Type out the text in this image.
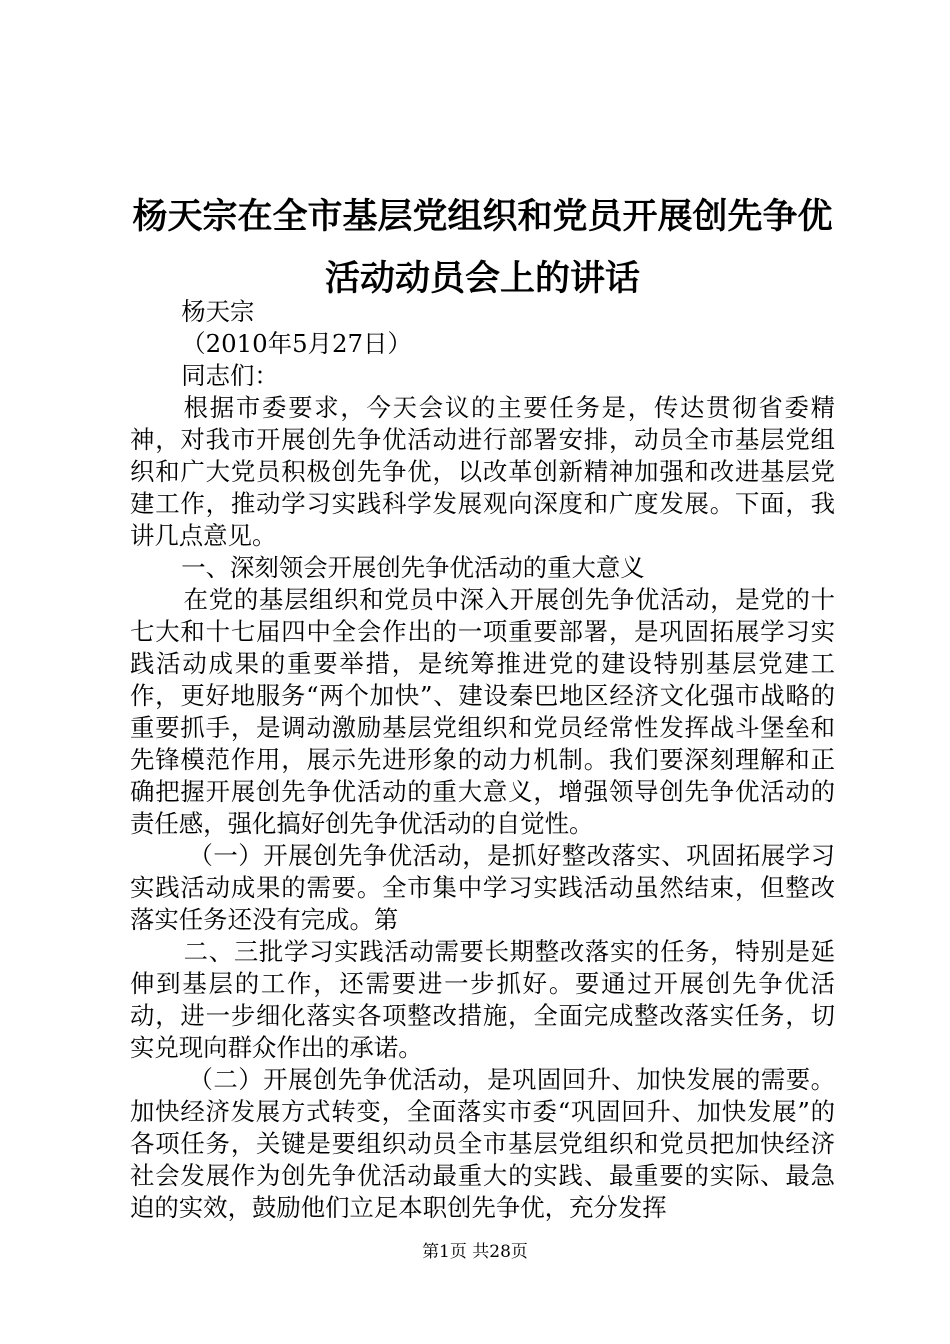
杨天宗在全市基层党组织和党员开展创先争优活动动员会上的讲话

杨天宗

（2010年5月27日）

同志们：

根据市委要求，今天会议的主要任务是，传达贯彻省委精神，对我市开展创先争优活动进行部署安排，动员全市基层党组织和广大党员积极创先争优，以改革创新精神加强和改进基层党建工作，推动学习实践科学发展观向深度和广度发展。下面，我讲几点意见。

一、深刻领会开展创先争优活动的重大意义

在党的基层组织和党员中深入开展创先争优活动，是党的十七大和十七届四中全会作出的一项重要部署，是巩固拓展学习实践活动成果的重要举措，是统筹推进党的建设特别基层党建工作，更好地服务“两个加快”、建设秦巴地区经济文化强市战略的重要抓手，是调动激励基层党组织和党员经常性发挥战斗堡垒和先锋模范作用，展示先进形象的动力机制。我们要深刻理解和正确把握开展创先争优活动的重大意义，增强领导创先争优活动的责任感，强化搞好创先争优活动的自觉性。

（一）开展创先争优活动，是抓好整改落实、巩固拓展学习实践活动成果的需要。全市集中学习实践活动虽然结束，但整改落实任务还没有完成。第

二、三批学习实践活动需要长期整改落实的任务，特别是延伸到基层的工作，还需要进一步抓好。要通过开展创先争优活动，进一步细化落实各项整改措施，全面完成整改落实任务，切实兑现向群众作出的承诺。

（二）开展创先争优活动，是巩固回升、加快发展的需要。加快经济发展方式转变，全面落实市委“巩固回升、加快发展”的各项任务，关键是要组织动员全市基层党组织和党员把加快经济社会发展作为创先争优活动最重大的实践、最重要的实际、最急迫的实效，鼓励他们立足本职创先争优，充分发挥

第1页 共28页
